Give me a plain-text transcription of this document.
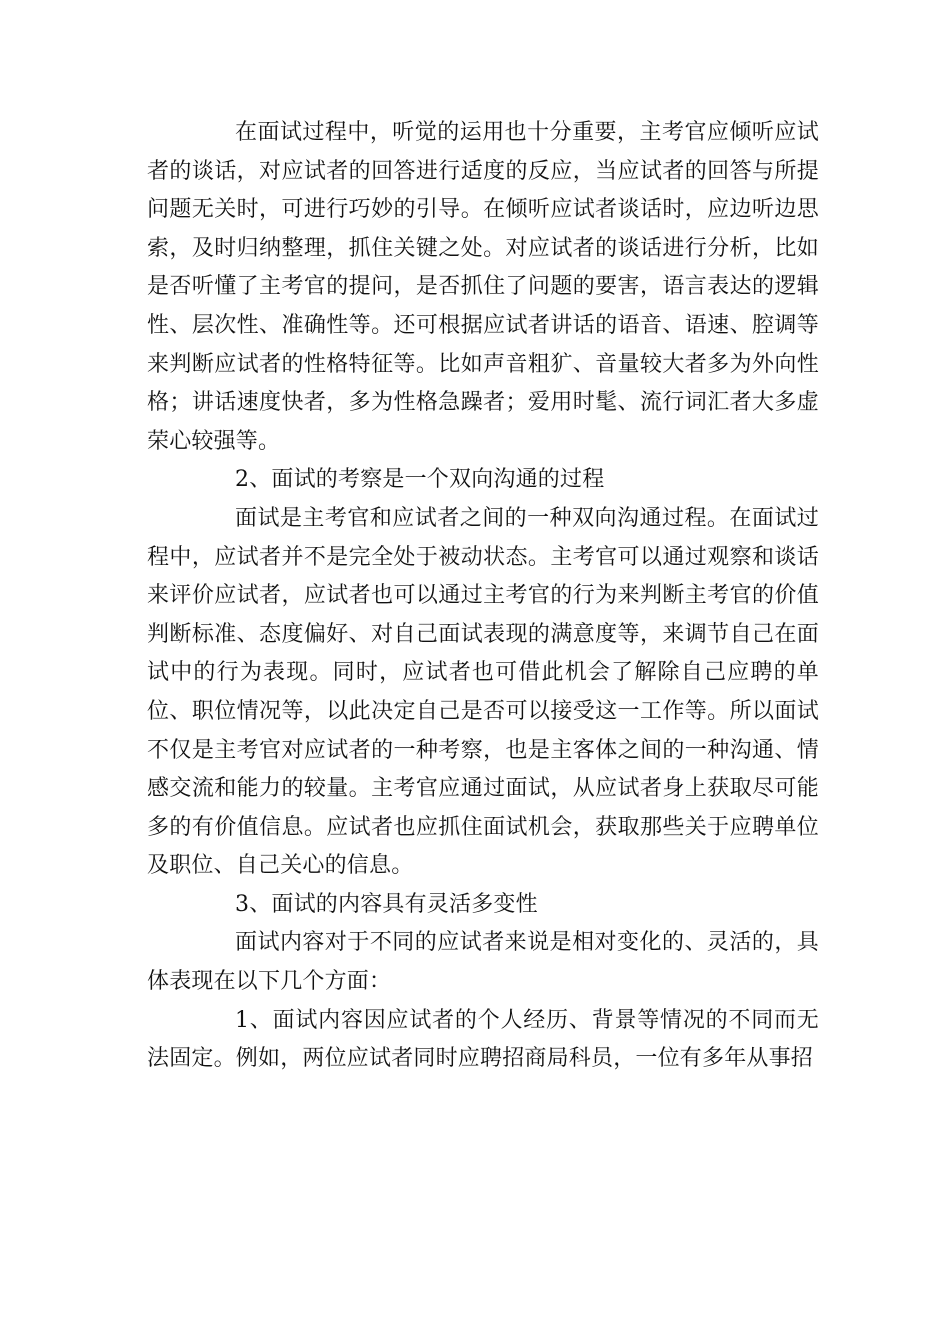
在面试过程中，听觉的运用也十分重要，主考官应倾听应试者的谈话，对应试者的回答进行适度的反应，当应试者的回答与所提问题无关时，可进行巧妙的引导。在倾听应试者谈话时，应边听边思索，及时归纳整理，抓住关键之处。对应试者的谈话进行分析，比如是否听懂了主考官的提问，是否抓住了问题的要害，语言表达的逻辑性、层次性、准确性等。还可根据应试者讲话的语音、语速、腔调等来判断应试者的性格特征等。比如声音粗犷、音量较大者多为外向性格；讲话速度快者，多为性格急躁者；爱用时髦、流行词汇者大多虚荣心较强等。

2、面试的考察是一个双向沟通的过程

面试是主考官和应试者之间的一种双向沟通过程。在面试过程中，应试者并不是完全处于被动状态。主考官可以通过观察和谈话来评价应试者，应试者也可以通过主考官的行为来判断主考官的价值判断标准、态度偏好、对自己面试表现的满意度等，来调节自己在面试中的行为表现。同时，应试者也可借此机会了解除自己应聘的单位、职位情况等，以此决定自己是否可以接受这一工作等。所以面试不仅是主考官对应试者的一种考察，也是主客体之间的一种沟通、情感交流和能力的较量。主考官应通过面试，从应试者身上获取尽可能多的有价值信息。应试者也应抓住面试机会，获取那些关于应聘单位及职位、自己关心的信息。

3、面试的内容具有灵活多变性

面试内容对于不同的应试者来说是相对变化的、灵活的，具体表现在以下几个方面：

1、面试内容因应试者的个人经历、背景等情况的不同而无法固定。例如，两位应试者同时应聘招商局科员，一位有多年从事招
